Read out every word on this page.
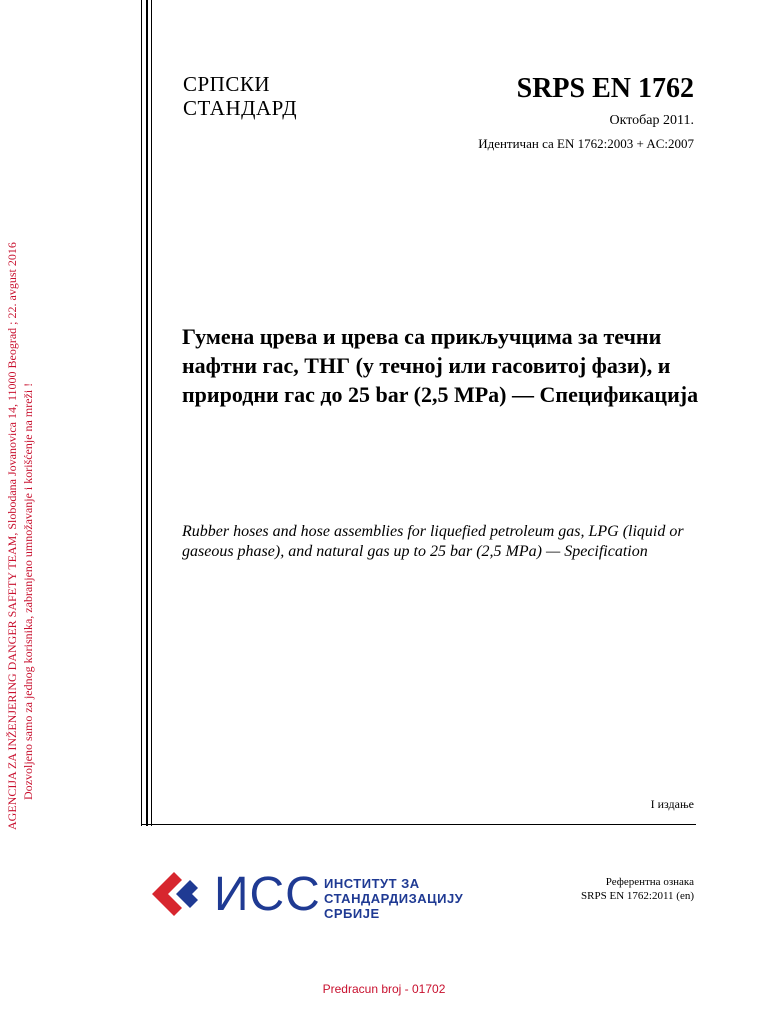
AGENCIJA ZA INŽENJERING DANGER SAFETY TEAM, Slobodana Jovanovica 14, 11000 Beograd ; 22. avgust 2016 Dozvoljeno samo za jednog korisnika, zabranjeno umnožavanje i korišćenje na mreži !
СРПСКИ
СТАНДАРД
SRPS EN 1762
Октобар 2011.
Идентичан са EN 1762:2003 + AC:2007
Гумена црева и црева са прикључцима за течни нафтни гас, ТНГ (у течној или гасовитој фази), и природни гас до 25 bar (2,5 MPa) — Спецификација
Rubber hoses and hose assemblies for liquefied petroleum gas, LPG (liquid or gaseous phase), and natural gas up to 25 bar (2,5 MPa) — Specification
I издање
ИСС ИНСТИТУТ ЗА
СТАНДАРДИЗАЦИЈУ
СРБИЈЕ
Референтна ознака
SRPS EN 1762:2011 (en)
Predracun broj - 01702
